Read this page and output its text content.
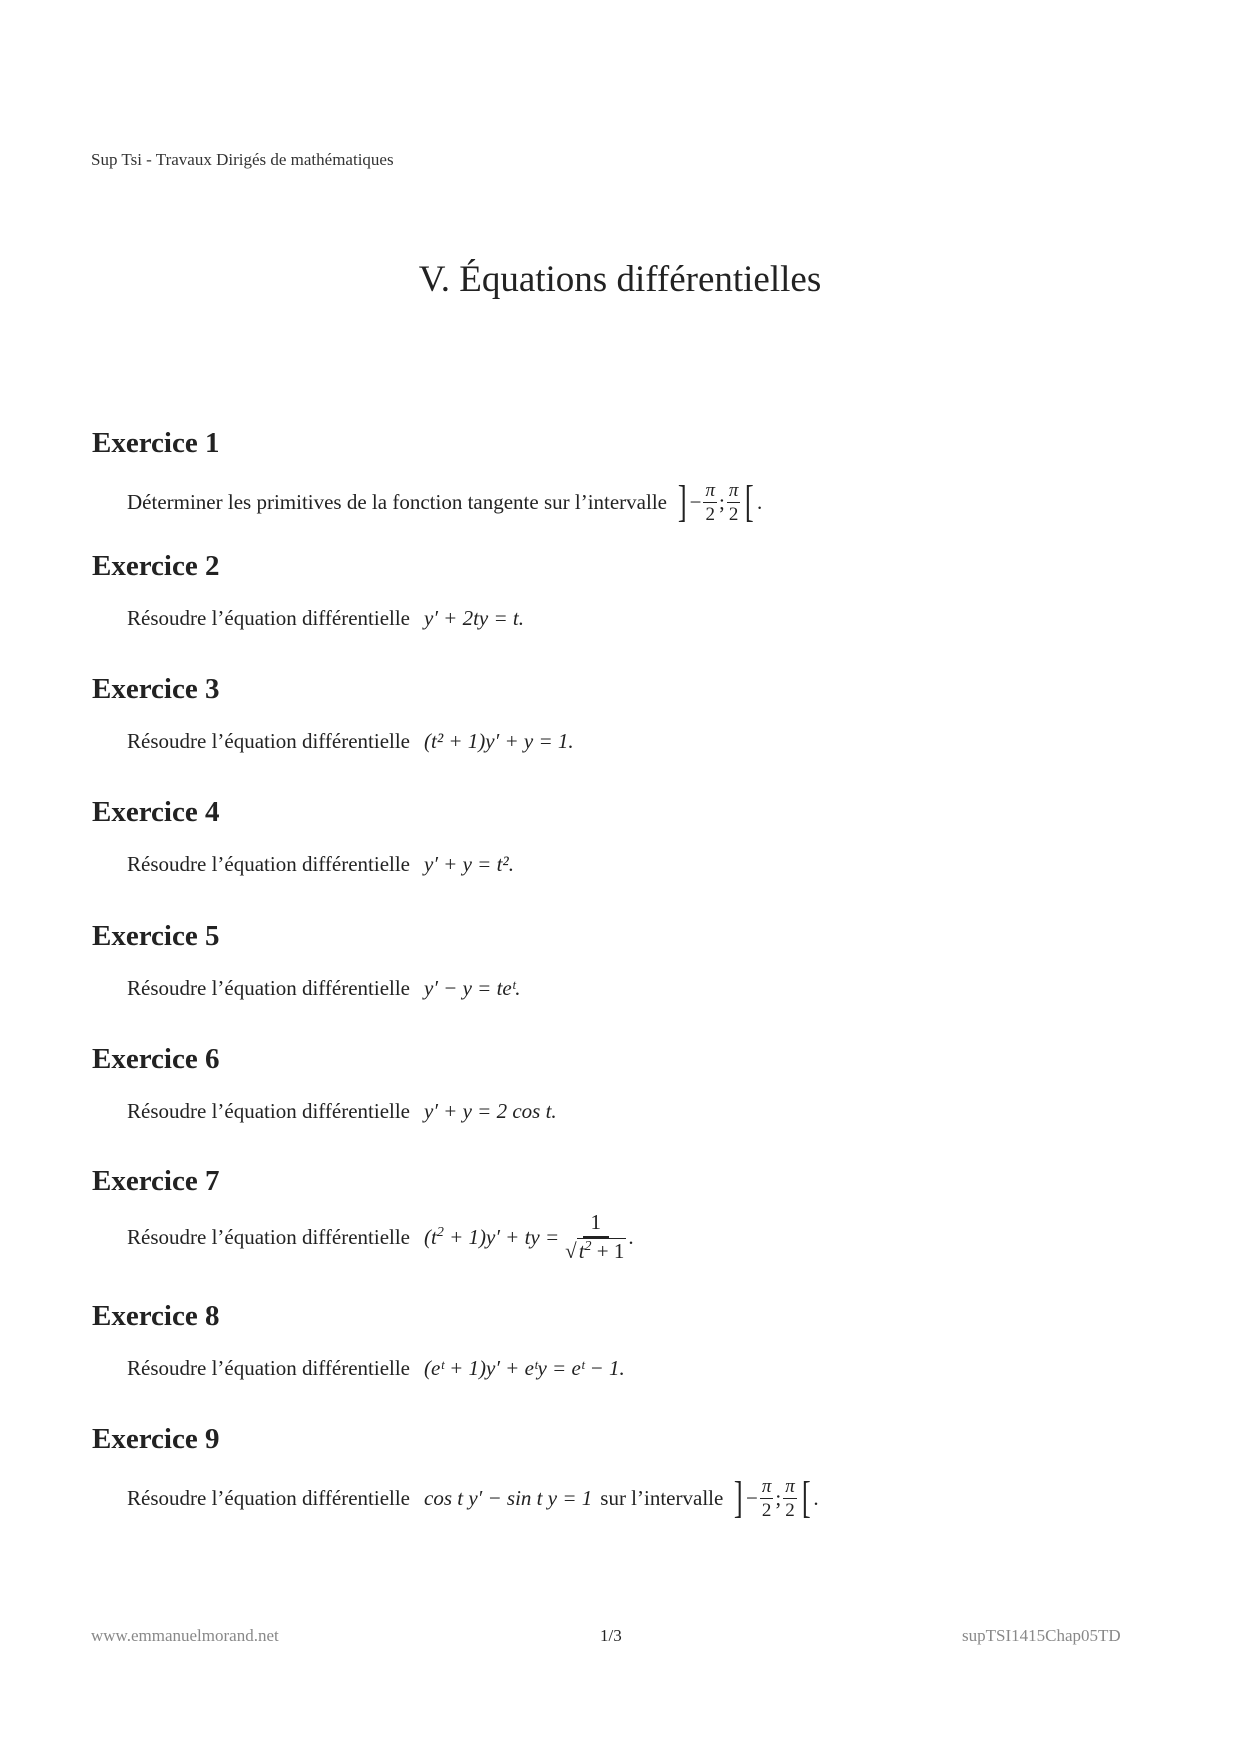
Sup Tsi - Travaux Dirigés de mathématiques
V. Équations différentielles
Exercice 1
Déterminer les primitives de la fonction tangente sur l’intervalle ] − $\frac{\pi}{2}$ ; $\frac{\pi}{2}$ [ .
Exercice 2
Résoudre l’équation différentielle y′ + 2ty = t.
Exercice 3
Résoudre l’équation différentielle (t² + 1)y′ + y = 1.
Exercice 4
Résoudre l’équation différentielle y′ + y = t².
Exercice 5
Résoudre l’équation différentielle y′ − y = teᵗ.
Exercice 6
Résoudre l’équation différentielle y′ + y = 2 cos t.
Exercice 7
Résoudre l’équation différentielle $(t^2 + 1)y'$ + ty = $\frac{1}{√t^2 + 1}$ .
Exercice 8
Résoudre l’équation différentielle (eᵗ + 1)y′ + eᵗy = eᵗ − 1.
Exercice 9
Résoudre l’équation différentielle cos t y′ − sin t y = 1 sur l’intervalle ] − $\frac{\pi}{2}$ ; $\frac{\pi}{2}$ [ .
www.emmanuelmorand.net	1/3	supTSI1415Chap05TD
